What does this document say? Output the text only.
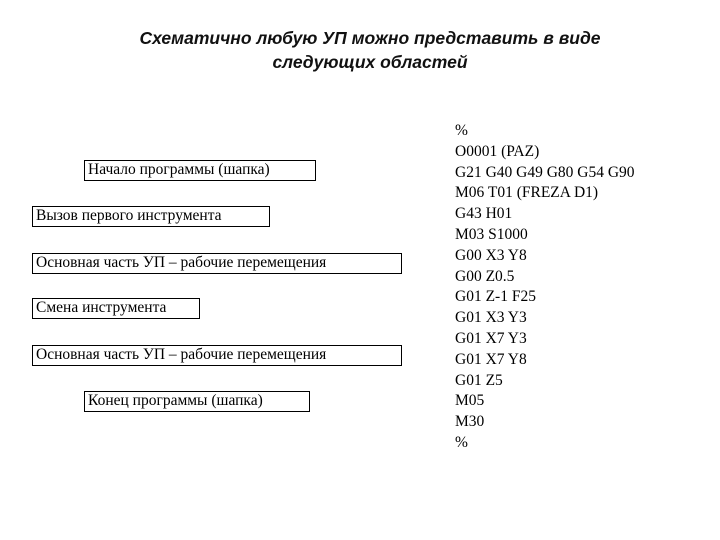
Схематично любую УП можно представить в виде
следующих областей
Начало программы (шапка)
Вызов первого инструмента
Основная часть УП – рабочие перемещения
Смена инструмента
Основная часть УП – рабочие перемещения
Конец программы (шапка)
%
O0001 (PAZ)
G21 G40 G49 G80 G54 G90
M06 T01 (FREZA D1)
G43 H01
M03 S1000
G00 X3 Y8
G00 Z0.5
G01 Z-1 F25
G01 X3 Y3
G01 X7 Y3
G01 X7 Y8
G01 Z5
M05
M30
%
